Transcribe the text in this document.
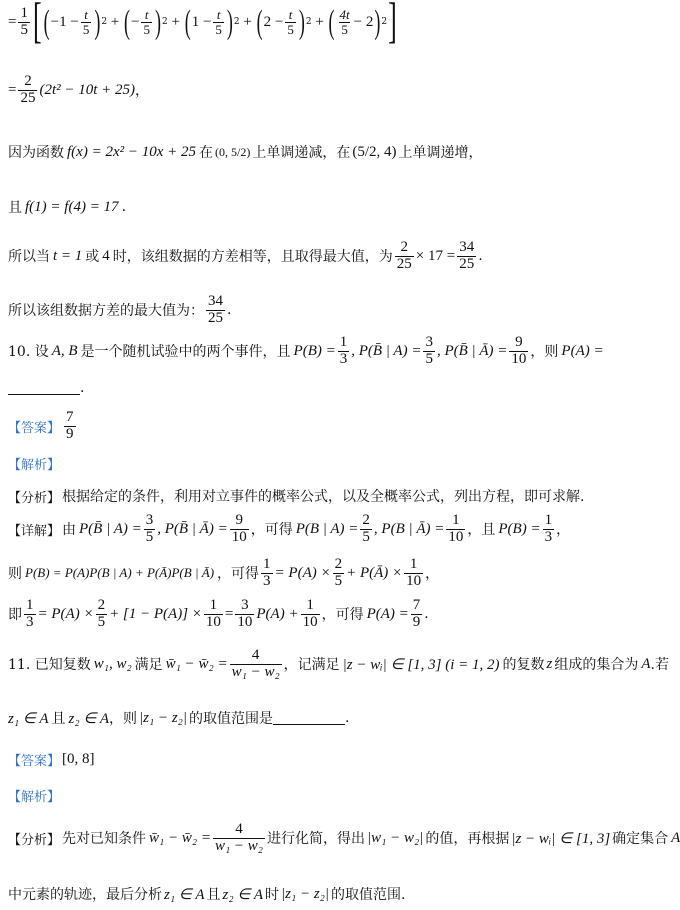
= $\frac{1}{5}$ [ ( $-1 - \frac{t}{5}$ ) 2 + ( − $\frac{t}{5}$ ) 2 + ( $1 - \frac{t}{5}$ ) 2 + ( $2 - \frac{t}{5}$ ) 2 + ( $\frac{4t}{5} - 2$ ) 2 ]
= $\frac{2}{25} (2t^2 - 10t + 25)$ ，
因为函数 f(x) = 2x² − 10x + 25 在 (0, 5/2) 上单调递减，在 (5/2, 4) 上单调递增，
且 f(1) = f(4) = 17 .
所以当 t = 1 或 4 时，该组数据的方差相等，且取得最大值，为 $\frac{2}{25} \times 17 = \frac{34}{25}$ .
所以该组数据方差的最大值为： $\frac{34}{25}$ .
10. 设 A, B 是一个随机试验中的两个事件，且 $P(B) = \frac{1}{3}$ , P(B̄ | $A) = \frac{3}{5}$ , P(B̄ | Ā) = $\frac{9}{10}$ ，则 P(A) =
.
【答案】 $\frac{7}{9}$
【解析】
【分析】 根据给定的条件，利用对立事件的概率公式，以及全概率公式，列出方程，即可求解.
【详解】 由 P(B̄ | $A) = \frac{3}{5}$ , P(B̄ | Ā) = $\frac{9}{10}$ ，可得 P(B | $A) = \frac{2}{5}$ , P(B | Ā) = $\frac{1}{10}$ ，且 $P(B) = \frac{1}{3}$ ，
则 P(B) = P(A)P(B | A) + P(Ā)P(B | Ā) ，可得 $\frac{1}{3} = P(A) \times \frac{2}{5}$ + P(Ā) × $\frac{1}{10}$ ，
即 $\frac{1}{3} = P(A) \times \frac{2}{5} + [1 - P(A)] \times \frac{1}{10} = \frac{3}{10} P(A) + \frac{1}{10}$ ，可得 $P(A) = \frac{7}{9}$ .
11. 已知复数 w₁, w₂ 满足 w̄₁ − w̄₂ = $\frac{4}{\text{w₁ − w₂}}$ ，记满足 |z − wᵢ| ∈ [1, 3] (i = 1, 2) 的复数 z 组成的集合为 A .若
z₁ ∈ A 且 z₂ ∈ A ，则 |z₁ − z₂| 的取值范围是	.
【答案】 [0, 8]
【解析】
【分析】 先对已知条件 w̄₁ − w̄₂ = $\frac{4}{\text{w₁ − w₂}}$ 进行化简，得出 |w₁ − w₂| 的值，再根据 |z − wᵢ| ∈ [1, 3] 确定集合 A
中元素的轨迹，最后分析 z₁ ∈ A 且 z₂ ∈ A 时 |z₁ − z₂| 的取值范围.
